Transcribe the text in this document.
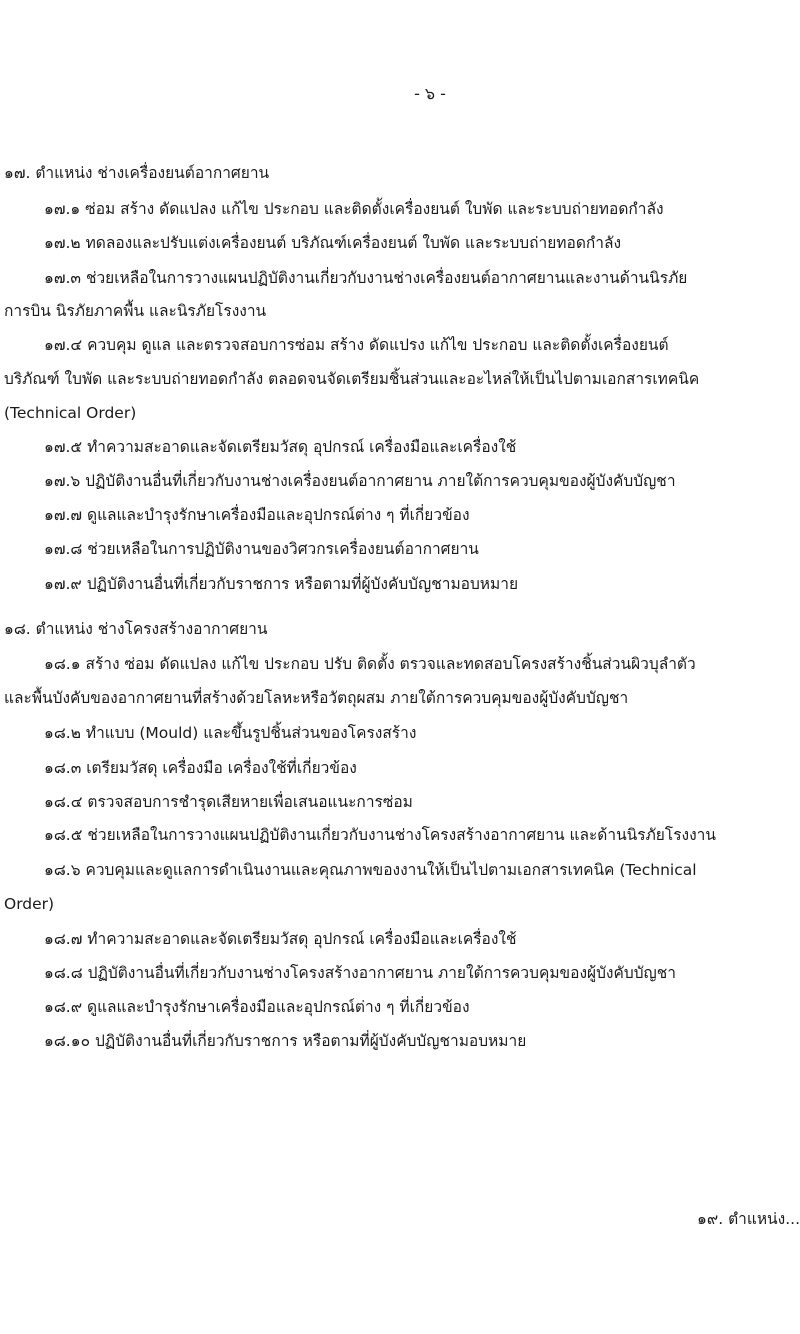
- ๖ -
๑๗. ตำแหน่ง ช่างเครื่องยนต์อากาศยาน
๑๗.๑ ซ่อม สร้าง ดัดแปลง แก้ไข ประกอบ และติดตั้งเครื่องยนต์ ใบพัด และระบบถ่ายทอดกำลัง
๑๗.๒ ทดลองและปรับแต่งเครื่องยนต์ บริภัณฑ์เครื่องยนต์ ใบพัด และระบบถ่ายทอดกำลัง
๑๗.๓ ช่วยเหลือในการวางแผนปฏิบัติงานเกี่ยวกับงานช่างเครื่องยนต์อากาศยานและงานด้านนิรภัย
การบิน นิรภัยภาคพื้น และนิรภัยโรงงาน
๑๗.๔ ควบคุม ดูแล และตรวจสอบการซ่อม สร้าง ดัดแปรง แก้ไข ประกอบ และติดตั้งเครื่องยนต์
บริภัณฑ์ ใบพัด และระบบถ่ายทอดกำลัง ตลอดจนจัดเตรียมชิ้นส่วนและอะไหล่ให้เป็นไปตามเอกสารเทคนิค
(Technical Order)
๑๗.๕ ทำความสะอาดและจัดเตรียมวัสดุ อุปกรณ์ เครื่องมือและเครื่องใช้
๑๗.๖ ปฏิบัติงานอื่นที่เกี่ยวกับงานช่างเครื่องยนต์อากาศยาน ภายใต้การควบคุมของผู้บังคับบัญชา
๑๗.๗ ดูแลและบำรุงรักษาเครื่องมือและอุปกรณ์ต่าง ๆ ที่เกี่ยวข้อง
๑๗.๘ ช่วยเหลือในการปฏิบัติงานของวิศวกรเครื่องยนต์อากาศยาน
๑๗.๙ ปฏิบัติงานอื่นที่เกี่ยวกับราชการ หรือตามที่ผู้บังคับบัญชามอบหมาย
๑๘. ตำแหน่ง ช่างโครงสร้างอากาศยาน
๑๘.๑ สร้าง ซ่อม ดัดแปลง แก้ไข ประกอบ ปรับ ติดตั้ง ตรวจและทดสอบโครงสร้างชิ้นส่วนผิวบุลำตัว
และพื้นบังคับของอากาศยานที่สร้างด้วยโลหะหรือวัตถุผสม ภายใต้การควบคุมของผู้บังคับบัญชา
๑๘.๒ ทำแบบ (Mould) และขึ้นรูปชิ้นส่วนของโครงสร้าง
๑๘.๓ เตรียมวัสดุ เครื่องมือ เครื่องใช้ที่เกี่ยวข้อง
๑๘.๔ ตรวจสอบการชำรุดเสียหายเพื่อเสนอแนะการซ่อม
๑๘.๕ ช่วยเหลือในการวางแผนปฏิบัติงานเกี่ยวกับงานช่างโครงสร้างอากาศยาน และด้านนิรภัยโรงงาน
๑๘.๖ ควบคุมและดูแลการดำเนินงานและคุณภาพของงานให้เป็นไปตามเอกสารเทคนิค (Technical
Order)
๑๘.๗ ทำความสะอาดและจัดเตรียมวัสดุ อุปกรณ์ เครื่องมือและเครื่องใช้
๑๘.๘ ปฏิบัติงานอื่นที่เกี่ยวกับงานช่างโครงสร้างอากาศยาน ภายใต้การควบคุมของผู้บังคับบัญชา
๑๘.๙ ดูแลและบำรุงรักษาเครื่องมือและอุปกรณ์ต่าง ๆ ที่เกี่ยวข้อง
๑๘.๑๐ ปฏิบัติงานอื่นที่เกี่ยวกับราชการ หรือตามที่ผู้บังคับบัญชามอบหมาย
๑๙. ตำแหน่ง...
